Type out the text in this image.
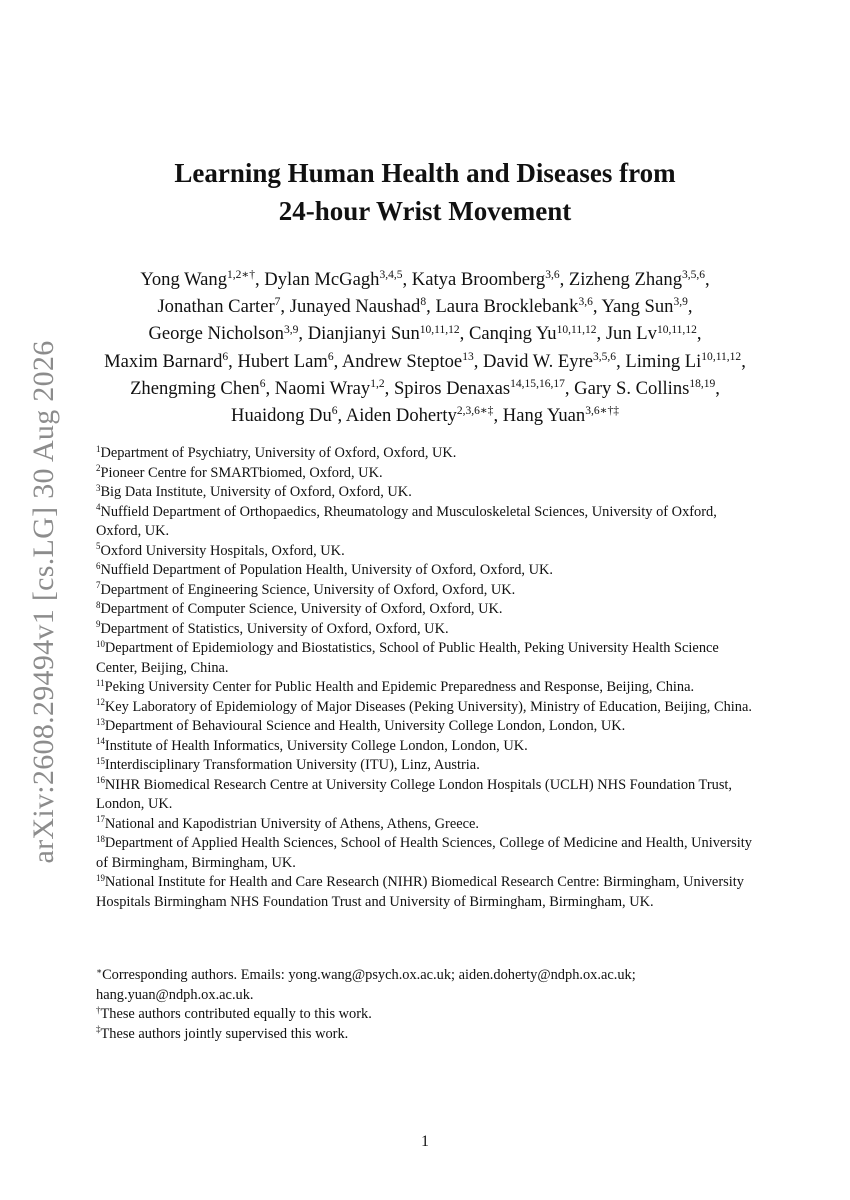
arXiv:2608.29494v1 [cs.LG] 30 Aug 2026
Learning Human Health and Diseases from
24-hour Wrist Movement
Yong Wang$^{1,2∗\dagger}$, Dylan McGagh$^{3,4,5}$, Katya Broomberg$^{3,6}$, Zizheng Zhang$^{3,5,6}$, Jonathan Carter$^7$, Junayed Naushad$^8$, Laura Brocklebank$^{3,6}$, Yang Sun$^{3,9}$, George Nicholson$^{3,9}$, Dianjianyi Sun$^{10,11,12}$, Canqing Yu$^{10,11,12}$, Jun Lv$^{10,11,12}$, Maxim Barnard$^6$, Hubert Lam$^6$, Andrew Steptoe$^{13}$, David W. Eyre$^{3,5,6}$, Liming Li$^{10,11,12}$, Zhengming Chen$^6$, Naomi Wray$^{1,2}$, Spiros Denaxas$^{14,15,16,17}$, Gary S. Collins$^{18,19}$, Huaidong Du$^6$, Aiden Doherty$^{2,3,6∗\ddagger}$, Hang Yuan$^{3,6∗\dagger\ddagger}$

$^1$Department of Psychiatry, University of Oxford, Oxford, UK.

$^2$Pioneer Centre for SMARTbiomed, Oxford, UK.

$^3$Big Data Institute, University of Oxford, Oxford, UK.

$^4$Nuffield Department of Orthopaedics, Rheumatology and Musculoskeletal Sciences, University of Oxford, Oxford, UK.

$^5$Oxford University Hospitals, Oxford, UK.

$^6$Nuffield Department of Population Health, University of Oxford, Oxford, UK.

$^7$Department of Engineering Science, University of Oxford, Oxford, UK.

$^8$Department of Computer Science, University of Oxford, Oxford, UK.

$^9$Department of Statistics, University of Oxford, Oxford, UK.

$^{10}$Department of Epidemiology and Biostatistics, School of Public Health, Peking University Health Science Center, Beijing, China.

$^{11}$Peking University Center for Public Health and Epidemic Preparedness and Response, Beijing, China.

$^{12}$Key Laboratory of Epidemiology of Major Diseases (Peking University), Ministry of Education, Beijing, China.

$^{13}$Department of Behavioural Science and Health, University College London, London, UK.

$^{14}$Institute of Health Informatics, University College London, London, UK.

$^{15}$Interdisciplinary Transformation University (ITU), Linz, Austria.

$^{16}$NIHR Biomedical Research Centre at University College London Hospitals (UCLH) NHS Foundation Trust, London, UK.

$^{17}$National and Kapodistrian University of Athens, Athens, Greece.

$^{18}$Department of Applied Health Sciences, School of Health Sciences, College of Medicine and Health, University of Birmingham, Birmingham, UK.

$^{19}$National Institute for Health and Care Research (NIHR) Biomedical Research Centre: Birmingham, University Hospitals Birmingham NHS Foundation Trust and University of Birmingham, Birmingham, UK.

∗Corresponding authors. Emails: yong.wang@psych.ox.ac.uk; aiden.doherty@ndph.ox.ac.uk; hang.yuan@ndph.ox.ac.uk.

†These authors contributed equally to this work.

‡These authors jointly supervised this work.

1
